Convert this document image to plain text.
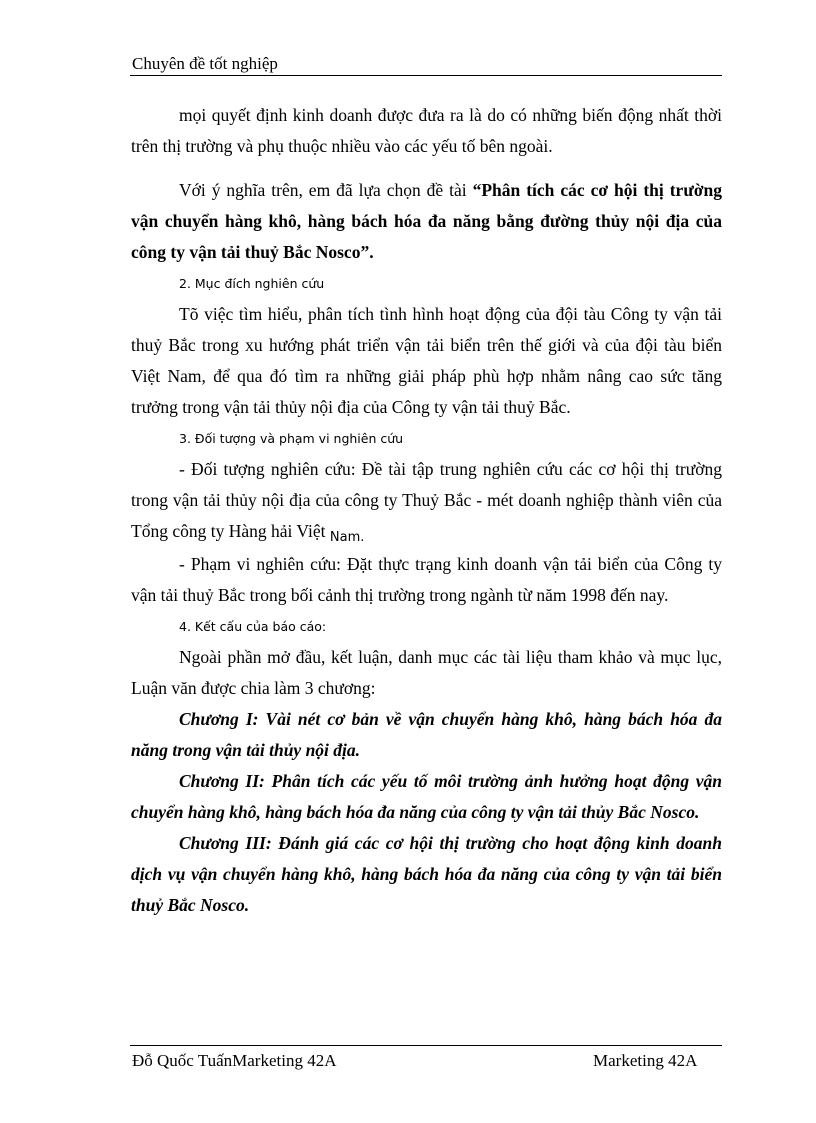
Chuyên đề tốt nghiệp

mọi quyết định kinh doanh được đưa ra là do có những biến động nhất thời trên thị trường và phụ thuộc nhiều vào các yếu tố bên ngoài.

Với ý nghĩa trên, em đã lựa chọn đề tài “Phân tích các cơ hội thị trường vận chuyển hàng khô, hàng bách hóa đa năng bằng đường thủy nội địa của công ty vận tải thuỷ Bắc Nosco”.

2. Mục đích nghiên cứu

Tõ việc tìm hiểu, phân tích tình hình hoạt động của đội tàu Công ty vận tải thuỷ Bắc trong xu hướng phát triển vận tải biển trên thế giới và của đội tàu biển Việt Nam, để qua đó tìm ra những giải pháp phù hợp nhằm nâng cao sức tăng trưởng trong vận tải thủy nội địa của Công ty vận tải thuỷ Bắc.

3. Đối tượng và phạm vi nghiên cứu

- Đối tượng nghiên cứu: Đề tài tập trung nghiên cứu các cơ hội thị trường trong vận tải thủy nội địa của công ty Thuỷ Bắc - mét doanh nghiệp thành viên của Tổng công ty Hàng hải Việt $_{Nam.}$

- Phạm vi nghiên cứu: Đặt thực trạng kinh doanh vận tải biển của Công ty vận tải thuỷ Bắc trong bối cảnh thị trường trong ngành từ năm 1998 đến nay.

4. Kết cấu của báo cáo:

Ngoài phần mở đầu, kết luận, danh mục các tài liệu tham khảo và mục lục, Luận văn được chia làm 3 chương:

Chương I: Vài nét cơ bản về vận chuyển hàng khô, hàng bách hóa đa năng trong vận tải thủy nội địa.

Chương II: Phân tích các yếu tố môi trường ảnh hưởng hoạt động vận chuyển hàng khô, hàng bách hóa đa năng của công ty vận tải thủy Bắc Nosco.

Chương III: Đánh giá các cơ hội thị trường cho hoạt động kinh doanh dịch vụ vận chuyển hàng khô, hàng bách hóa đa năng của công ty vận tải biển thuỷ Bắc Nosco.

Đỗ Quốc TuấnMarketing 42A	Marketing 42A
